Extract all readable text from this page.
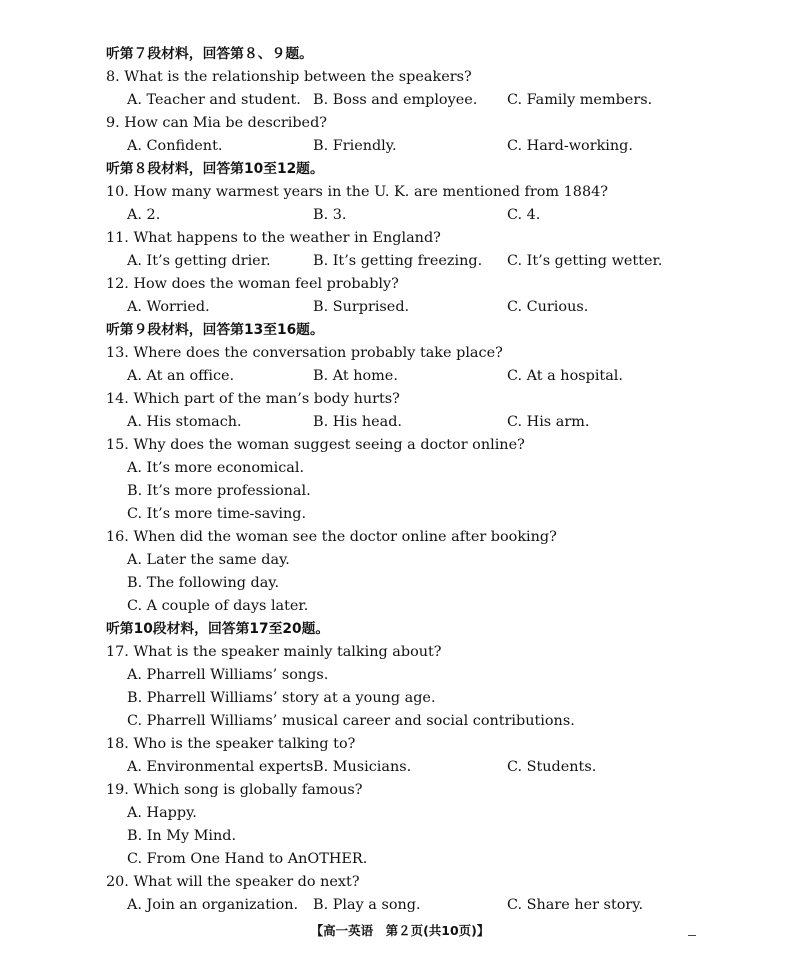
听第７段材料，回答第８、９题。
8. What is the relationship between the speakers?
A. Teacher and student. B. Boss and employee. C. Family members.
9. How can Mia be described?
A. Confident.	B. Friendly.	C. Hard-working.
听第８段材料，回答第10至12题。
10. How many warmest years in the U. K. are mentioned from 1884?
A. 2.	B. 3.	C. 4.
11. What happens to the weather in England?
A. It’s getting drier.	B. It’s getting freezing. C. It’s getting wetter.
12. How does the woman feel probably?
A. Worried.	B. Surprised.	C. Curious.
听第９段材料，回答第13至16题。
13. Where does the conversation probably take place?
A. At an office.	B. At home.	C. At a hospital.
14. Which part of the man’s body hurts?
A. His stomach.	B. His head.	C. His arm.
15. Why does the woman suggest seeing a doctor online?
A. It’s more economical.
B. It’s more professional.
C. It’s more time-saving.
16. When did the woman see the doctor online after booking?
A. Later the same day.
B. The following day.
C. A couple of days later.
听第10段材料，回答第17至20题。
17. What is the speaker mainly talking about?
A. Pharrell Williams’ songs.
B. Pharrell Williams’ story at a young age.
C. Pharrell Williams’ musical career and social contributions.
18. Who is the speaker talking to?
A. Environmental experts.
B. Musicians.	C. Students.
19. Which song is globally famous?
A. Happy.
B. In My Mind.
C. From One Hand to AnOTHER.
20. What will the speaker do next?
A. Join an organization. B. Play a song.	C. Share her story.
【高一英语　第２页(共10页)】
